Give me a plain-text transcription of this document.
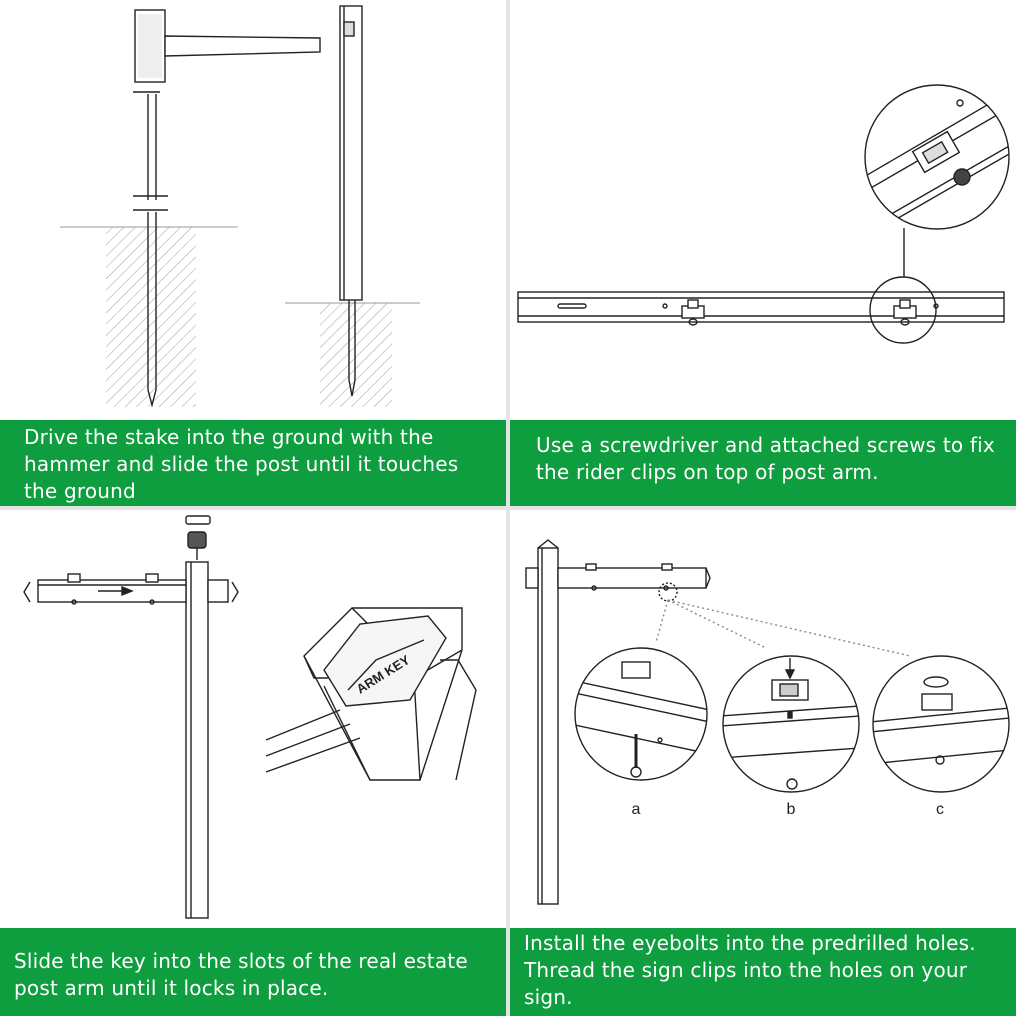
Drive the stake into the ground with the hammer and slide the post until it touches the ground
Use a screwdriver and attached screws to fix the rider clips on top of post arm.
ARM KEY
Slide the key into the slots of the real estate post arm until it locks in place.
a	b	c
Install the eyebolts into the predrilled holes. Thread the sign clips into the holes on your sign.
